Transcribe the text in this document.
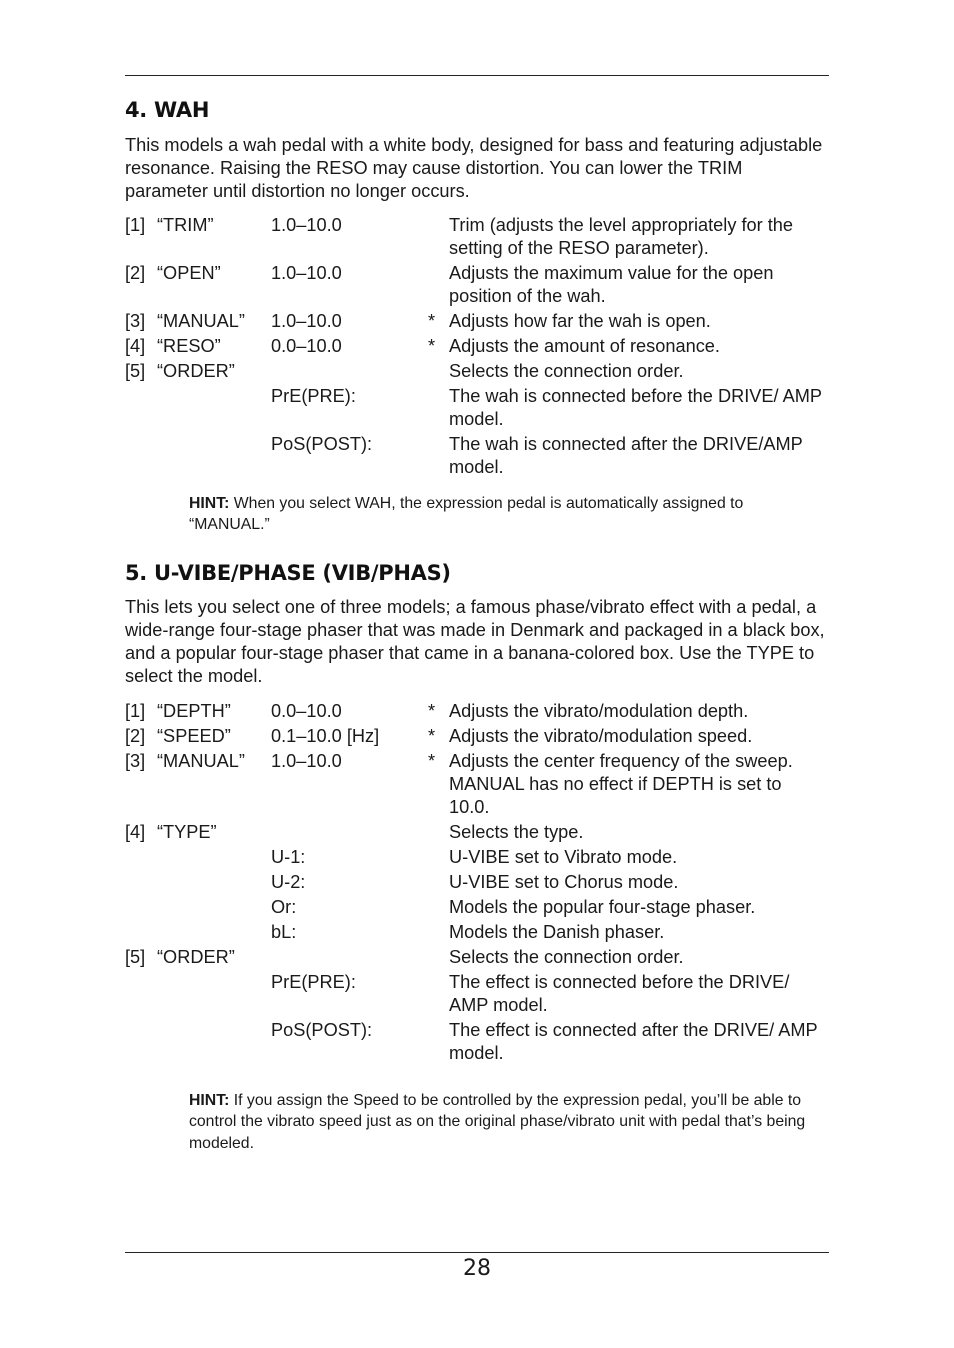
4. WAH

This models a wah pedal with a white body, designed for bass and featuring adjustable resonance. Raising the RESO may cause distortion. You can lower the TRIM parameter until distortion no longer occurs.

[1] “TRIM”	1.0–10.0	Trim (adjusts the level appropriately for the setting of the RESO parameter).
[2] “OPEN”	1.0–10.0	Adjusts the maximum value for the open position of the wah.
[3] “MANUAL” 1.0–10.0	* Adjusts how far the wah is open.
[4] “RESO”	0.0–10.0	* Adjusts the amount of resonance.
[5] “ORDER”	Selects the connection order.
PrE(PRE):	The wah is connected before the DRIVE/ AMP model.
PoS(POST):	The wah is connected after the DRIVE/AMP model.

HINT: When you select WAH, the expression pedal is automatically assigned to “MANUAL.”

5. U-VIBE/PHASE (VIB/PHAS)

This lets you select one of three models; a famous phase/vibrato effect with a pedal, a wide-range four-stage phaser that was made in Denmark and packaged in a black box, and a popular four-stage phaser that came in a banana-colored box. Use the TYPE to select the model.

[1] “DEPTH” 0.0–10.0	* Adjusts the vibrato/modulation depth.
[2] “SPEED” 0.1–10.0 [Hz]	* Adjusts the vibrato/modulation speed.
[3] “MANUAL” 1.0–10.0	* Adjusts the center frequency of the sweep. MANUAL has no effect if DEPTH is set to 10.0.
[4] “TYPE”	Selects the type.
U-1:	U-VIBE set to Vibrato mode.
U-2:	U-VIBE set to Chorus mode.
Or:	Models the popular four-stage phaser.
bL:	Models the Danish phaser.
[5] “ORDER”	Selects the connection order.
PrE(PRE):	The effect is connected before the DRIVE/ AMP model.
PoS(POST):	The effect is connected after the DRIVE/ AMP model.

HINT: If you assign the Speed to be controlled by the expression pedal, you’ll be able to control the vibrato speed just as on the original phase/vibrato unit with pedal that’s being modeled.

28
